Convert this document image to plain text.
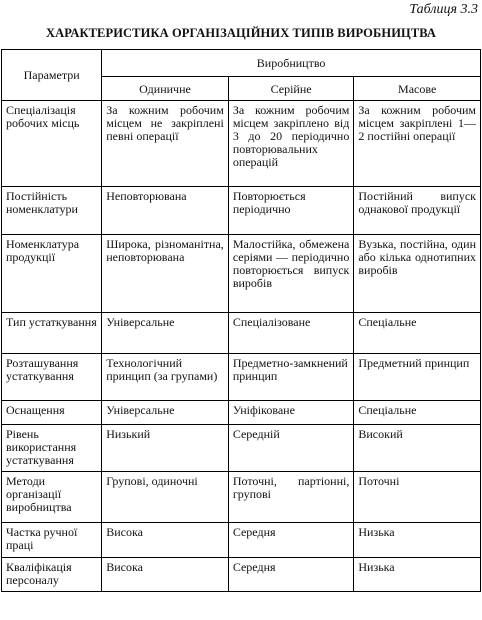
Таблиця 3.3
ХАРАКТЕРИСТИКА ОРГАНІЗАЦІЙНИХ ТИПІВ ВИРОБНИЦТВА
Параметри	Виробництво		
	Одиничне	Серійне	Масове
Спеціалізація робочих місць	За кожним робочим місцем не закріплені певні операції	За кожним робочим місцем закріплено від 3 до 20 періодично повторювальних операцій	За кожним робочим місцем закріплені 1—2 постійні операції
Постійність номенклатури	Неповторювана	Повторюється періодично	Постійний випуск однакової продукції
Номенклатура продукції	Широка, різноманітна, неповторювана	Малостійка, обмежена серіями — періодично повторюється випуск виробів	Вузька, постійна, один або кілька однотипних виробів
Тип устаткування	Універсальне	Спеціалізоване	Спеціальне
Розташування устаткування	Технологічний принцип (за групами)	Предметно-замкнений принцип	Предметний принцип
Оснащення	Універсальне	Уніфіковане	Спеціальне
Рівень використання устаткування	Низький	Середній	Високий
Методи організації виробництва	Групові, одиночні	Поточні, партіонні, групові	Поточні
Частка ручної праці	Висока	Середня	Низька
Кваліфікація персоналу	Висока	Середня	Низька
